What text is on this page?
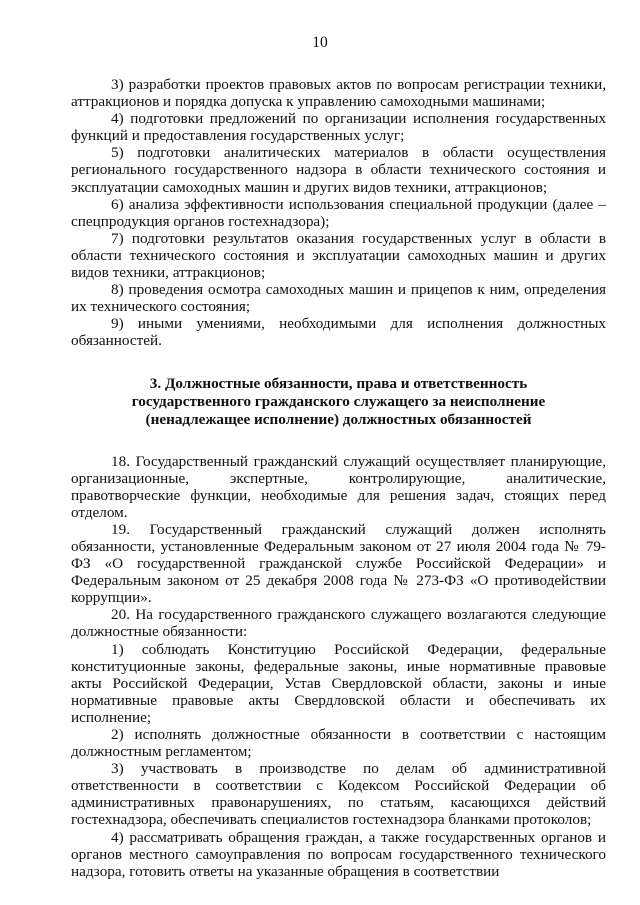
10

3) разработки проектов правовых актов по вопросам регистрации техники, аттракционов и порядка допуска к управлению самоходными машинами;

4) подготовки предложений по организации исполнения государственных функций и предоставления государственных услуг;

5) подготовки аналитических материалов в области осуществления регионального государственного надзора в области технического состояния и эксплуатации самоходных машин и других видов техники, аттракционов;

6) анализа эффективности использования специальной продукции (далее – спецпродукция органов гостехнадзора);

7) подготовки результатов оказания государственных услуг в области в области технического состояния и эксплуатации самоходных машин и других видов техники, аттракционов;

8) проведения осмотра самоходных машин и прицепов к ним, определения их технического состояния;

9) иными умениями, необходимыми для исполнения должностных обязанностей.

3. Должностные обязанности, права и ответственность
государственного гражданского служащего за неисполнение
(ненадлежащее исполнение) должностных обязанностей

18. Государственный гражданский служащий осуществляет планирующие, организационные, экспертные, контролирующие, аналитические, правотворческие функции, необходимые для решения задач, стоящих перед отделом.

19. Государственный гражданский служащий должен исполнять обязанности, установленные Федеральным законом от 27 июля 2004 года № 79-ФЗ «О государственной гражданской службе Российской Федерации» и Федеральным законом от 25 декабря 2008 года № 273-ФЗ «О противодействии коррупции».

20. На государственного гражданского служащего возлагаются следующие должностные обязанности:

1) соблюдать Конституцию Российской Федерации, федеральные конституционные законы, федеральные законы, иные нормативные правовые акты Российской Федерации, Устав Свердловской области, законы и иные нормативные правовые акты Свердловской области и обеспечивать их исполнение;

2) исполнять должностные обязанности в соответствии с настоящим должностным регламентом;

3) участвовать в производстве по делам об административной ответственности в соответствии с Кодексом Российской Федерации об административных правонарушениях, по статьям, касающихся действий гостехнадзора, обеспечивать специалистов гостехнадзора бланками протоколов;

4) рассматривать обращения граждан, а также государственных органов и органов местного самоуправления по вопросам государственного технического надзора, готовить ответы на указанные обращения в соответствии
